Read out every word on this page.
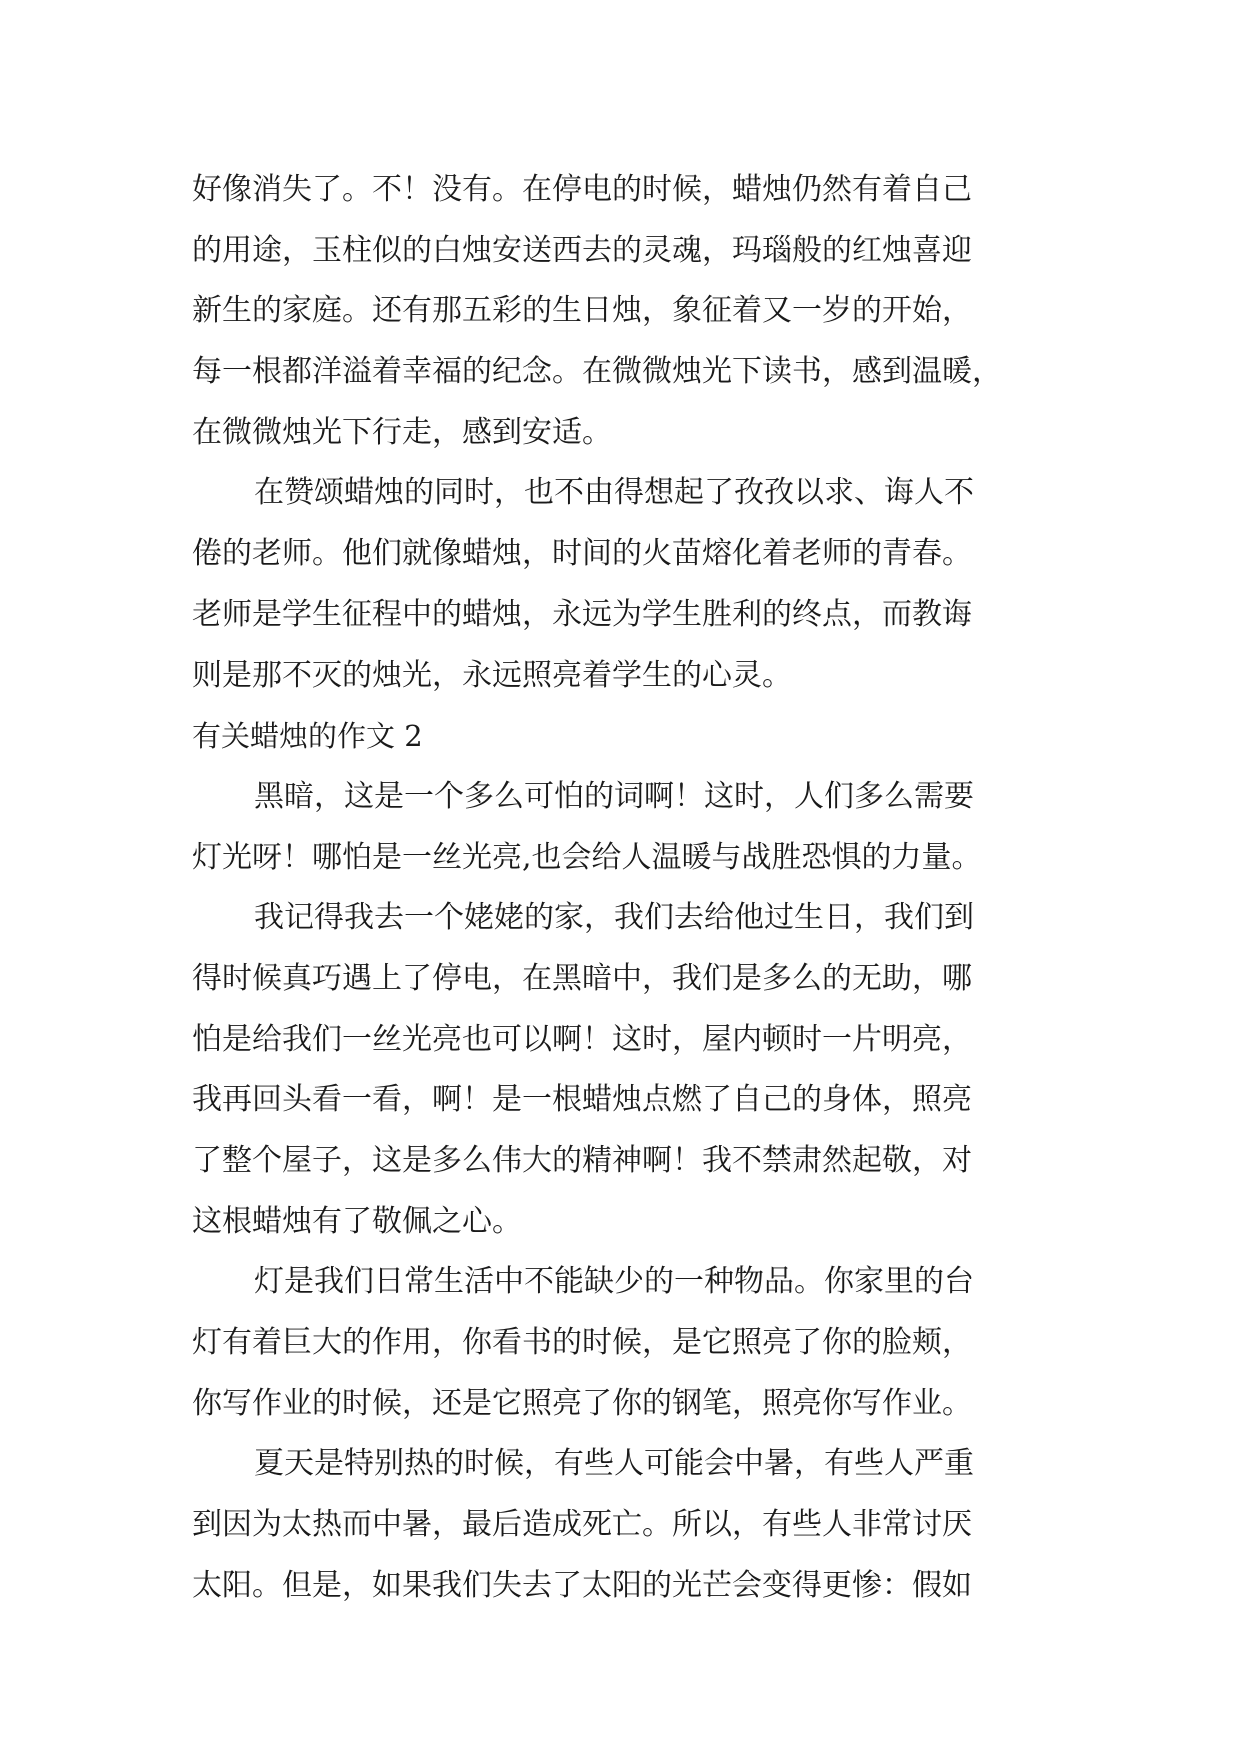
好像消失了。不！没有。在停电的时候，蜡烛仍然有着自己
的用途，玉柱似的白烛安送西去的灵魂，玛瑙般的红烛喜迎
新生的家庭。还有那五彩的生日烛，象征着又一岁的开始，
每一根都洋溢着幸福的纪念。在微微烛光下读书，感到温暖，
在微微烛光下行走，感到安适。
在赞颂蜡烛的同时，也不由得想起了孜孜以求、诲人不
倦的老师。他们就像蜡烛，时间的火苗熔化着老师的青春。
老师是学生征程中的蜡烛，永远为学生胜利的终点，而教诲
则是那不灭的烛光，永远照亮着学生的心灵。
有关蜡烛的作文 2
黑暗，这是一个多么可怕的词啊！这时，人们多么需要
灯光呀！哪怕是一丝光亮,也会给人温暖与战胜恐惧的力量。
我记得我去一个姥姥的家，我们去给他过生日，我们到
得时候真巧遇上了停电，在黑暗中，我们是多么的无助，哪
怕是给我们一丝光亮也可以啊！这时，屋内顿时一片明亮，
我再回头看一看，啊！是一根蜡烛点燃了自己的身体，照亮
了整个屋子，这是多么伟大的精神啊！我不禁肃然起敬，对
这根蜡烛有了敬佩之心。
灯是我们日常生活中不能缺少的一种物品。你家里的台
灯有着巨大的作用，你看书的时候，是它照亮了你的脸颊，
你写作业的时候，还是它照亮了你的钢笔，照亮你写作业。
夏天是特别热的时候，有些人可能会中暑，有些人严重
到因为太热而中暑，最后造成死亡。所以，有些人非常讨厌
太阳。但是，如果我们失去了太阳的光芒会变得更惨：假如
